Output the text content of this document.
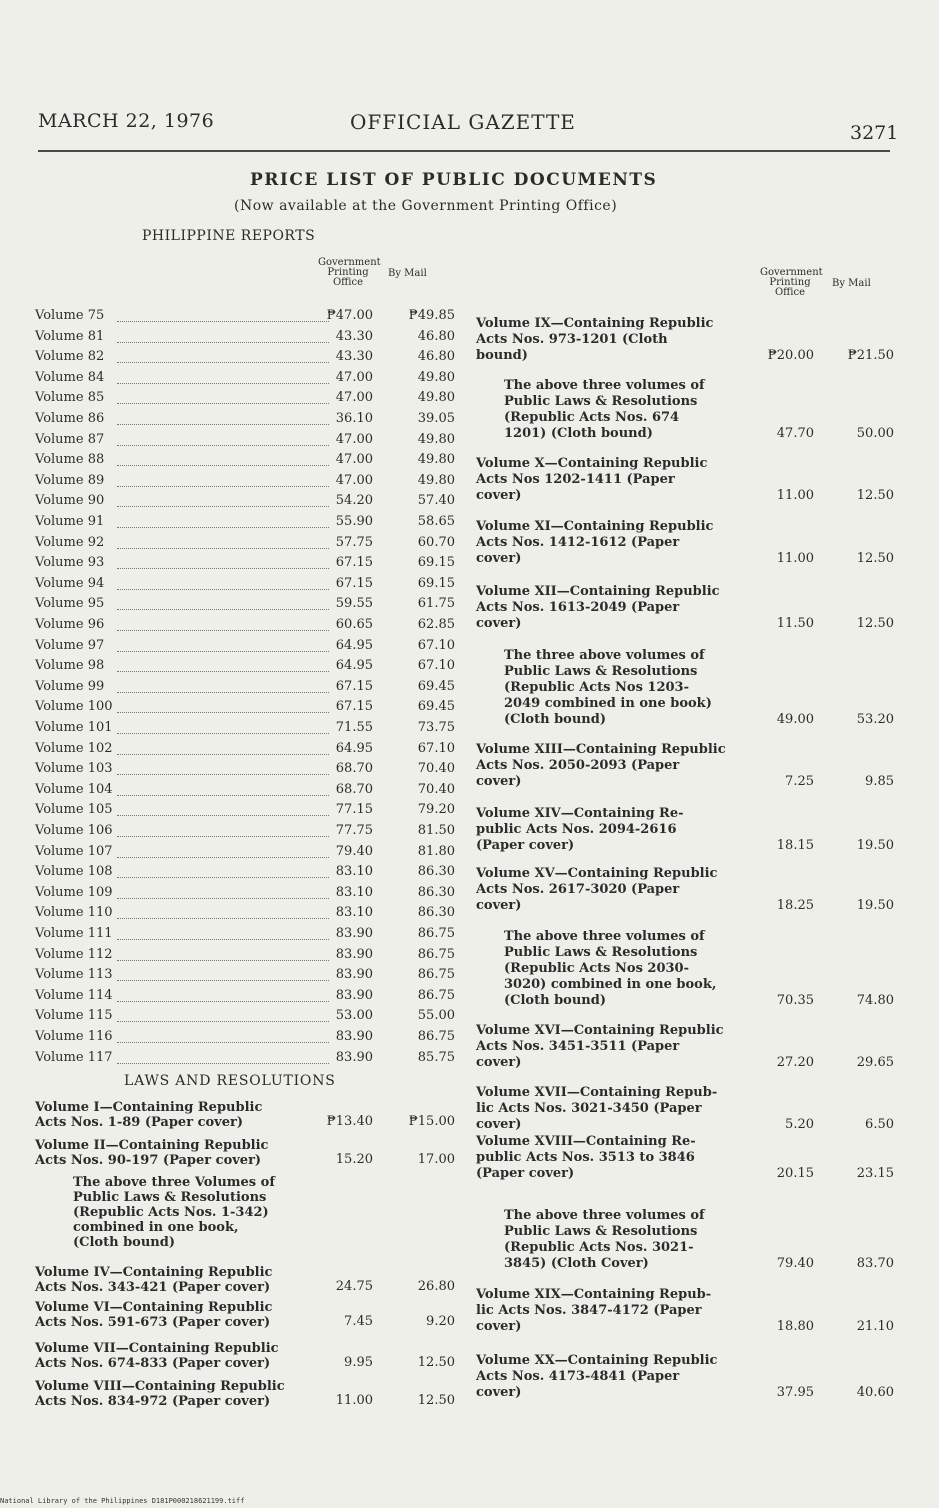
MARCH 22, 1976	OFFICIAL GAZETTE	3271
PRICE LIST OF PUBLIC DOCUMENTS
(Now available at the Government Printing Office)
PHILIPPINE REPORTS
Government
Printing
Office
By Mail	Government
Printing
Office
By Mail
Volume 75	₱47.00	₱49.85
Volume 81	43.30	46.80
Volume 82	43.30	46.80
Volume 84	47.00	49.80
Volume 85	47.00	49.80
Volume 86	36.10	39.05
Volume 87	47.00	49.80
Volume 88	47.00	49.80
Volume 89	47.00	49.80
Volume 90	54.20	57.40
Volume 91	55.90	58.65
Volume 92	57.75	60.70
Volume 93	67.15	69.15
Volume 94	67.15	69.15
Volume 95	59.55	61.75
Volume 96	60.65	62.85
Volume 97	64.95	67.10
Volume 98	64.95	67.10
Volume 99	67.15	69.45
Volume 100	67.15	69.45
Volume 101	71.55	73.75
Volume 102	64.95	67.10
Volume 103	68.70	70.40
Volume 104	68.70	70.40
Volume 105	77.15	79.20
Volume 106	77.75	81.50
Volume 107	79.40	81.80
Volume 108	83.10	86.30
Volume 109	83.10	86.30
Volume 110	83.10	86.30
Volume 111	83.90	86.75
Volume 112	83.90	86.75
Volume 113	83.90	86.75
Volume 114	83.90	86.75
Volume 115	53.00	55.00
Volume 116	83.90	86.75
Volume 117	83.90	85.75
LAWS AND RESOLUTIONS
Volume I—Containing Republic
Acts Nos. 1-89 (Paper cover)	₱13.40	₱15.00
Volume II—Containing Republic
Acts Nos. 90-197 (Paper cover)	15.20	17.00
The above three Volumes of
Public Laws & Resolutions
(Republic Acts Nos. 1-342)
combined in one book,
(Cloth bound)
Volume IV—Containing Republic
Acts Nos. 343-421 (Paper cover)	24.75	26.80
Volume VI—Containing Republic
Acts Nos. 591-673 (Paper cover)	7.45	9.20
Volume VII—Containing Republic
Acts Nos. 674-833 (Paper cover)	9.95	12.50
Volume VIII—Containing Republic
Acts Nos. 834-972 (Paper cover)	11.00	12.50
Volume IX—Containing Republic
Acts Nos. 973-1201 (Cloth
bound)	₱20.00	₱21.50
The above three volumes of
Public Laws & Resolutions
(Republic Acts Nos. 674
1201) (Cloth bound)	47.70	50.00
Volume X—Containing Republic
Acts Nos 1202-1411 (Paper
cover)	11.00	12.50
Volume XI—Containing Republic
Acts Nos. 1412-1612 (Paper
cover)	11.00	12.50
Volume XII—Containing Republic
Acts Nos. 1613-2049 (Paper
cover)	11.50	12.50
The three above volumes of
Public Laws & Resolutions
(Republic Acts Nos 1203-
2049 combined in one book)
(Cloth bound)	49.00	53.20
Volume XIII—Containing Republic
Acts Nos. 2050-2093 (Paper
cover)	7.25	9.85
Volume XIV—Containing Re-
public Acts Nos. 2094-2616
(Paper cover)	18.15	19.50
Volume XV—Containing Republic
Acts Nos. 2617-3020 (Paper
cover)	18.25	19.50
The above three volumes of
Public Laws & Resolutions
(Republic Acts Nos 2030-
3020) combined in one book,
(Cloth bound)	70.35	74.80
Volume XVI—Containing Republic
Acts Nos. 3451-3511 (Paper
cover)	27.20	29.65
Volume XVII—Containing Repub-
lic Acts Nos. 3021-3450 (Paper
cover)	5.20	6.50
Volume XVIII—Containing Re-
public Acts Nos. 3513 to 3846
(Paper cover)	20.15	23.15
The above three volumes of
Public Laws & Resolutions
(Republic Acts Nos. 3021-
3845) (Cloth Cover)	79.40	83.70
Volume XIX—Containing Repub-
lic Acts Nos. 3847-4172 (Paper
cover)	18.80	21.10
Volume XX—Containing Republic
Acts Nos. 4173-4841 (Paper
cover)	37.95	40.60
National Library of the Philippines D181P000218621199.tiff
